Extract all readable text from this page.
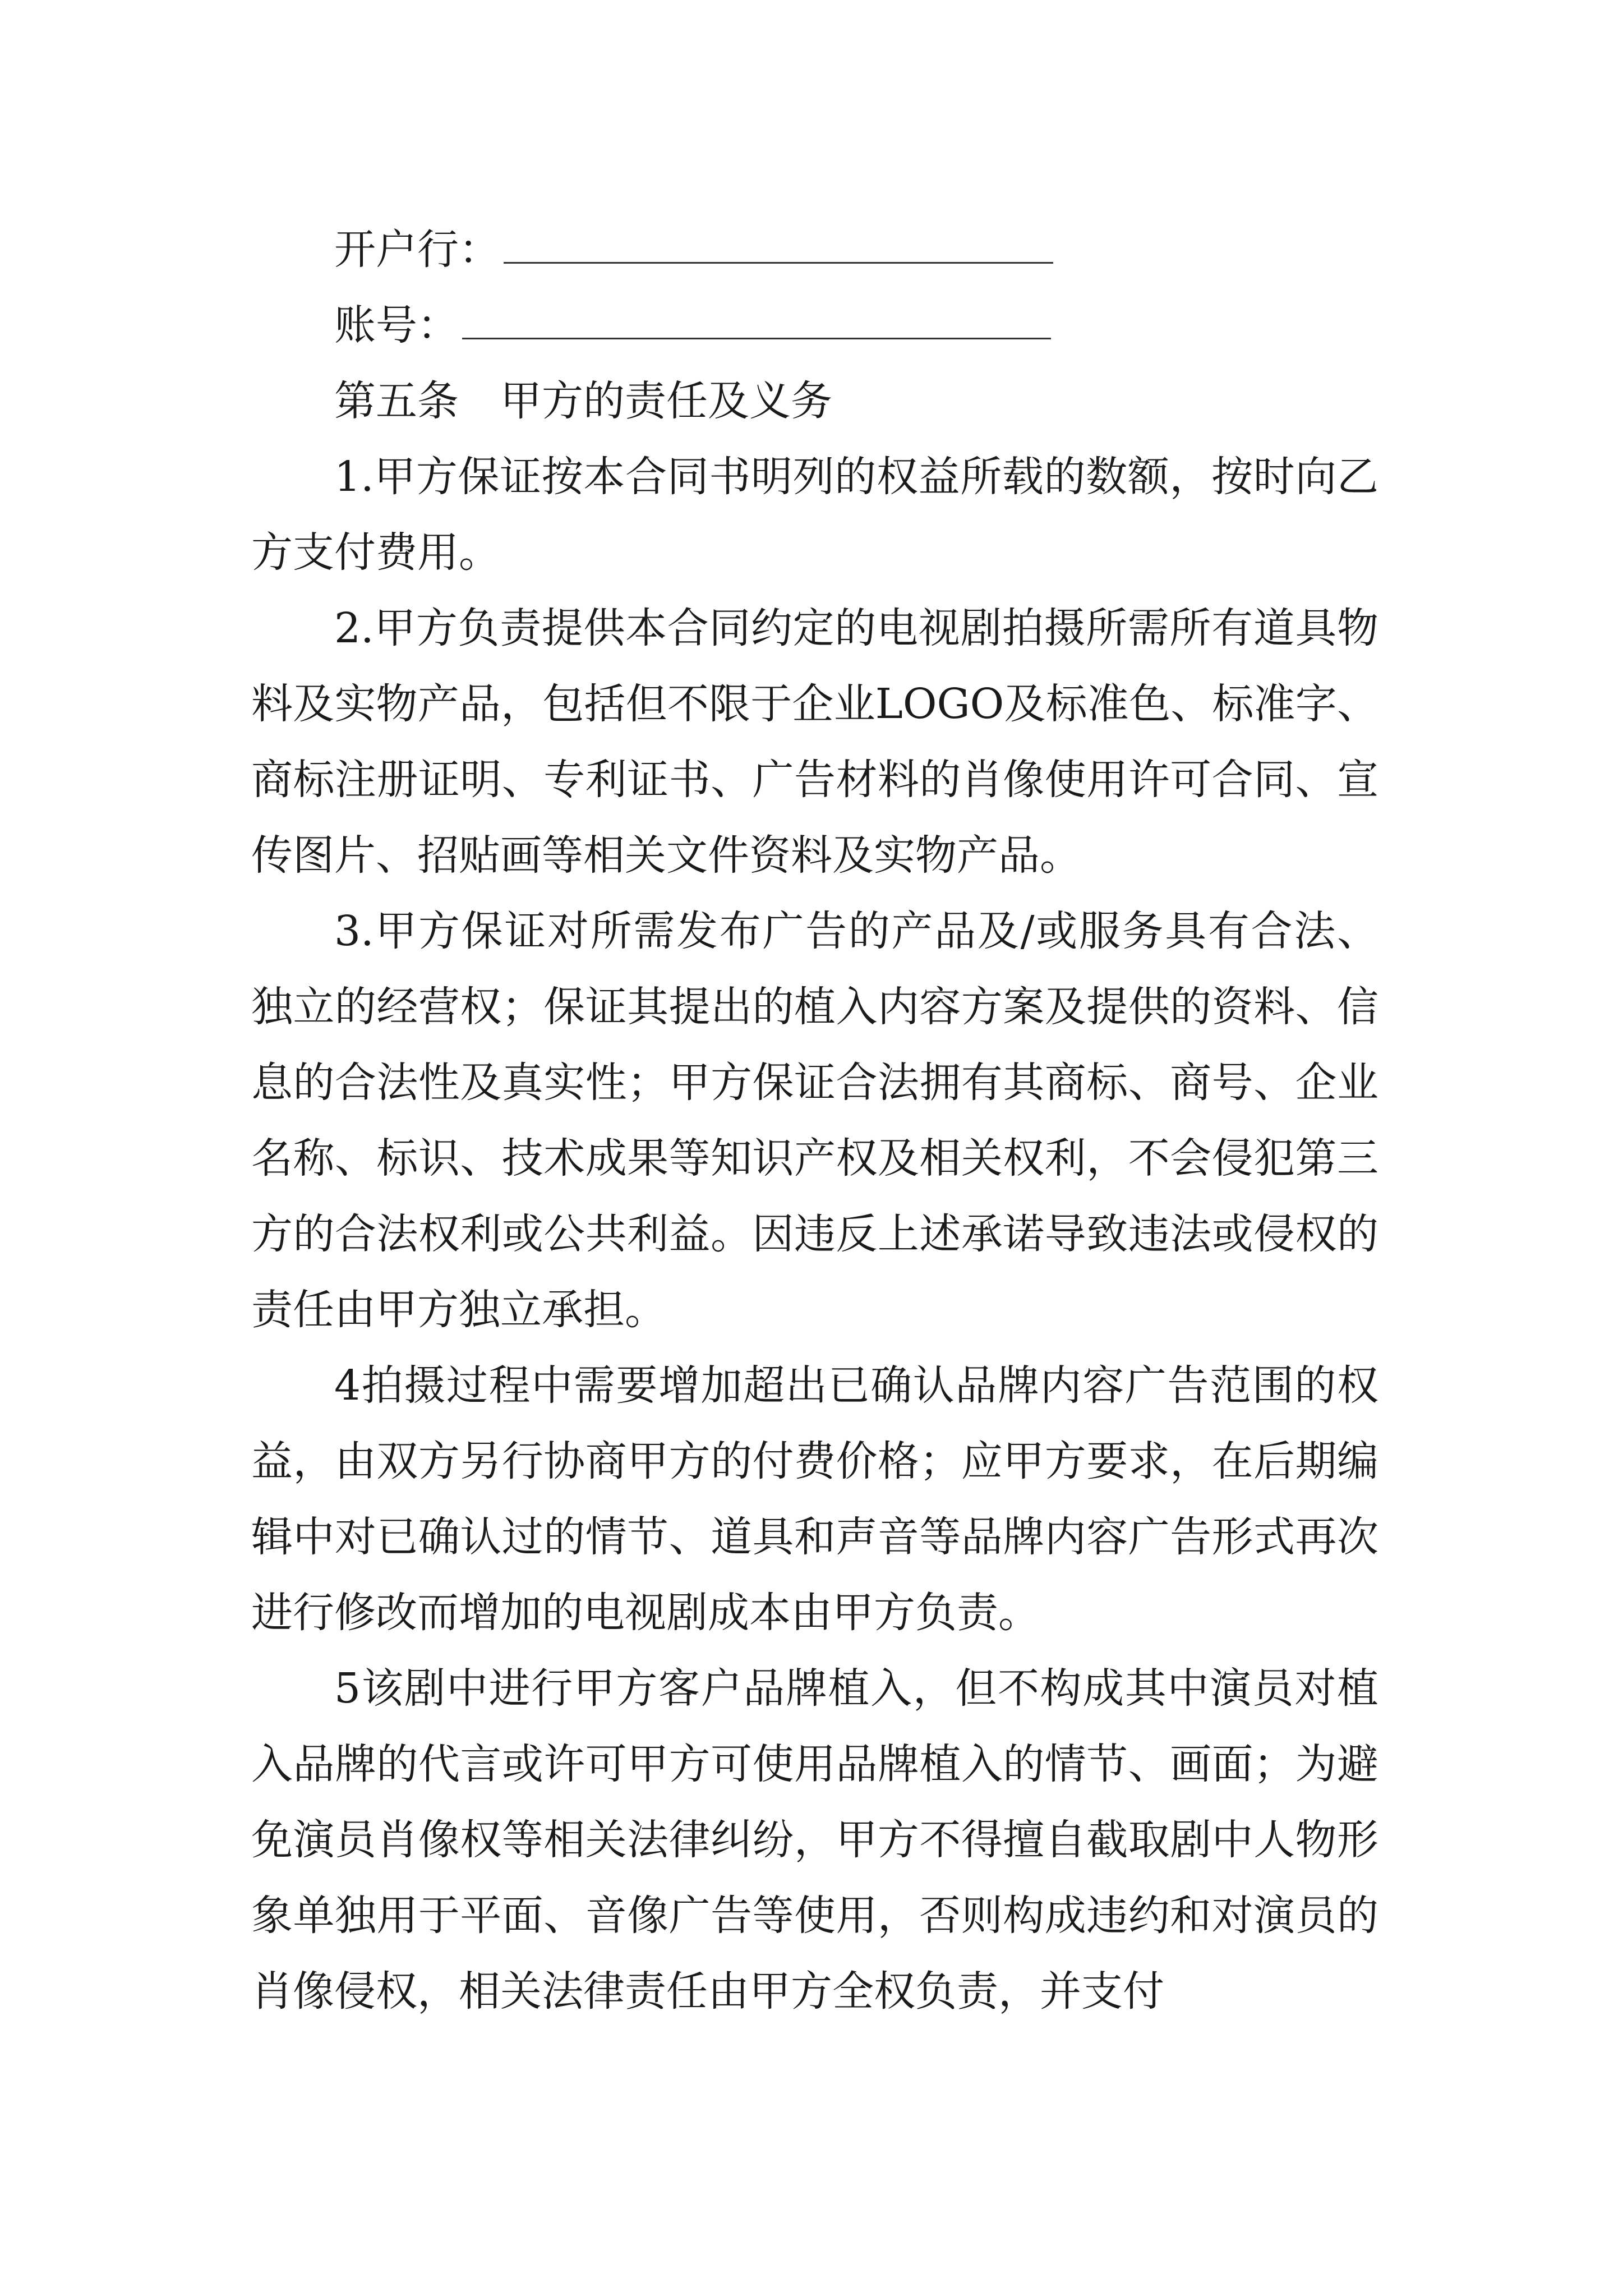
开户行：
账号：
第五条　甲方的责任及义务

1.甲方保证按本合同书明列的权益所载的数额，按时向乙方支付费用。

2.甲方负责提供本合同约定的电视剧拍摄所需所有道具物料及实物产品，包括但不限于企业LOGO及标准色、标准字、商标注册证明、专利证书、广告材料的肖像使用许可合同、宣传图片、招贴画等相关文件资料及实物产品。

3.甲方保证对所需发布广告的产品及/或服务具有合法、独立的经营权；保证其提出的植入内容方案及提供的资料、信息的合法性及真实性；甲方保证合法拥有其商标、商号、企业名称、标识、技术成果等知识产权及相关权利，不会侵犯第三方的合法权利或公共利益。因违反上述承诺导致违法或侵权的责任由甲方独立承担。

4拍摄过程中需要增加超出已确认品牌内容广告范围的权益，由双方另行协商甲方的付费价格；应甲方要求，在后期编辑中对已确认过的情节、道具和声音等品牌内容广告形式再次进行修改而增加的电视剧成本由甲方负责。

5该剧中进行甲方客户品牌植入，但不构成其中演员对植入品牌的代言或许可甲方可使用品牌植入的情节、画面；为避免演员肖像权等相关法律纠纷，甲方不得擅自截取剧中人物形象单独用于平面、音像广告等使用，否则构成违约和对演员的肖像侵权，相关法律责任由甲方全权负责，并支付
